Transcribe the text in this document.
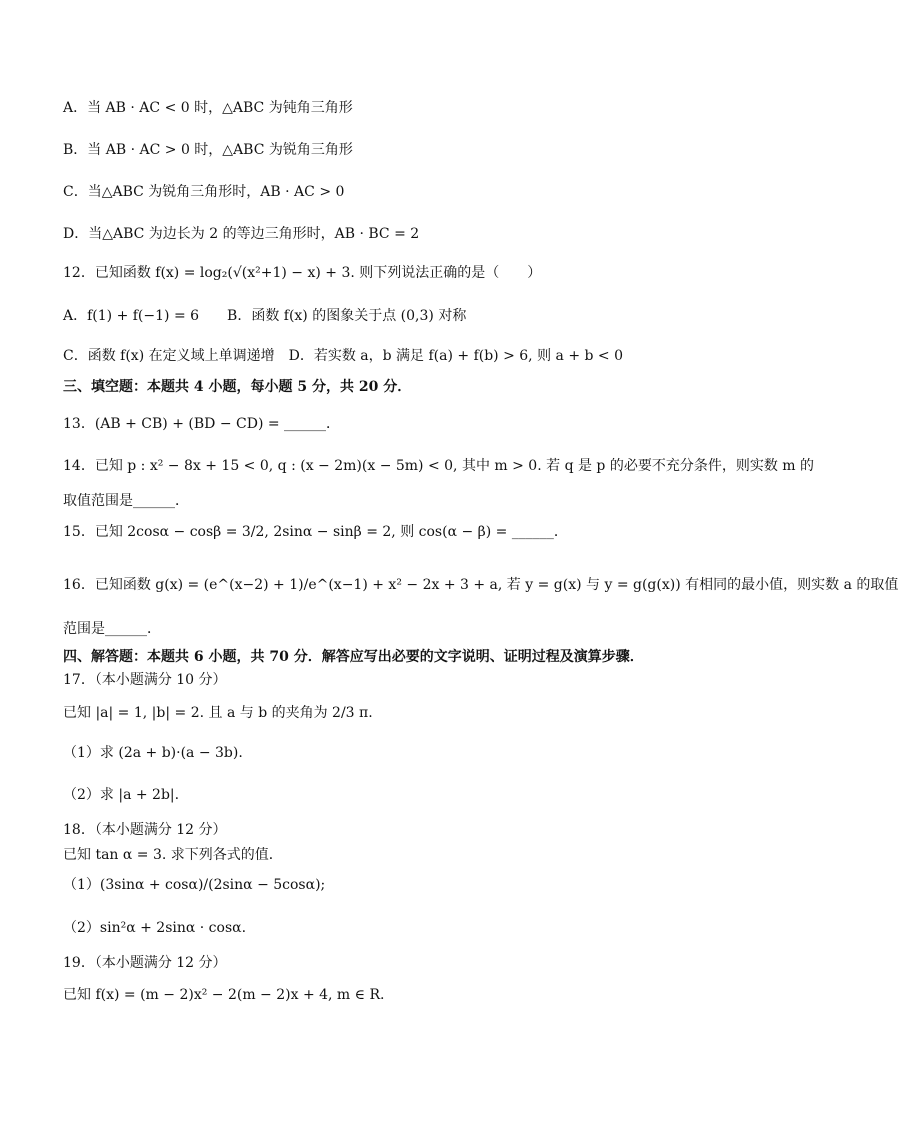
A．当 AB · AC < 0 时，△ABC 为钝角三角形
B．当 AB · AC > 0 时，△ABC 为锐角三角形
C．当△ABC 为锐角三角形时，AB · AC > 0
D．当△ABC 为边长为 2 的等边三角形时，AB · BC = 2
12．已知函数 f(x) = log₂(√(x²+1) − x) + 3. 则下列说法正确的是（　　）
A．f(1) + f(−1) = 6　　B．函数 f(x) 的图象关于点 (0,3) 对称
C．函数 f(x) 在定义域上单调递增　D．若实数 a，b 满足 f(a) + f(b) > 6, 则 a + b < 0
三、填空题：本题共 4 小题，每小题 5 分，共 20 分．
13．(AB + CB) + (BD − CD) = ______．
14．已知 p : x² − 8x + 15 < 0, q : (x − 2m)(x − 5m) < 0, 其中 m > 0. 若 q 是 p 的必要不充分条件，则实数 m 的
取值范围是______．
15．已知 2cosα − cosβ = 3/2, 2sinα − sinβ = 2, 则 cos(α − β) = ______．
16．已知函数 g(x) = (e^(x−2) + 1)/e^(x−1) + x² − 2x + 3 + a, 若 y = g(x) 与 y = g(g(x)) 有相同的最小值，则实数 a 的取值
范围是______．
四、解答题：本题共 6 小题，共 70 分．解答应写出必要的文字说明、证明过程及演算步骤．
17．（本小题满分 10 分）
已知 |a| = 1, |b| = 2. 且 a 与 b 的夹角为 2/3 π.
（1）求 (2a + b)·(a − 3b).
（2）求 |a + 2b|.
18．（本小题满分 12 分）
已知 tan α = 3. 求下列各式的值．
（1）(3sinα + cosα)/(2sinα − 5cosα);
（2）sin²α + 2sinα · cosα.
19．（本小题满分 12 分）
已知 f(x) = (m − 2)x² − 2(m − 2)x + 4, m ∈ R.
